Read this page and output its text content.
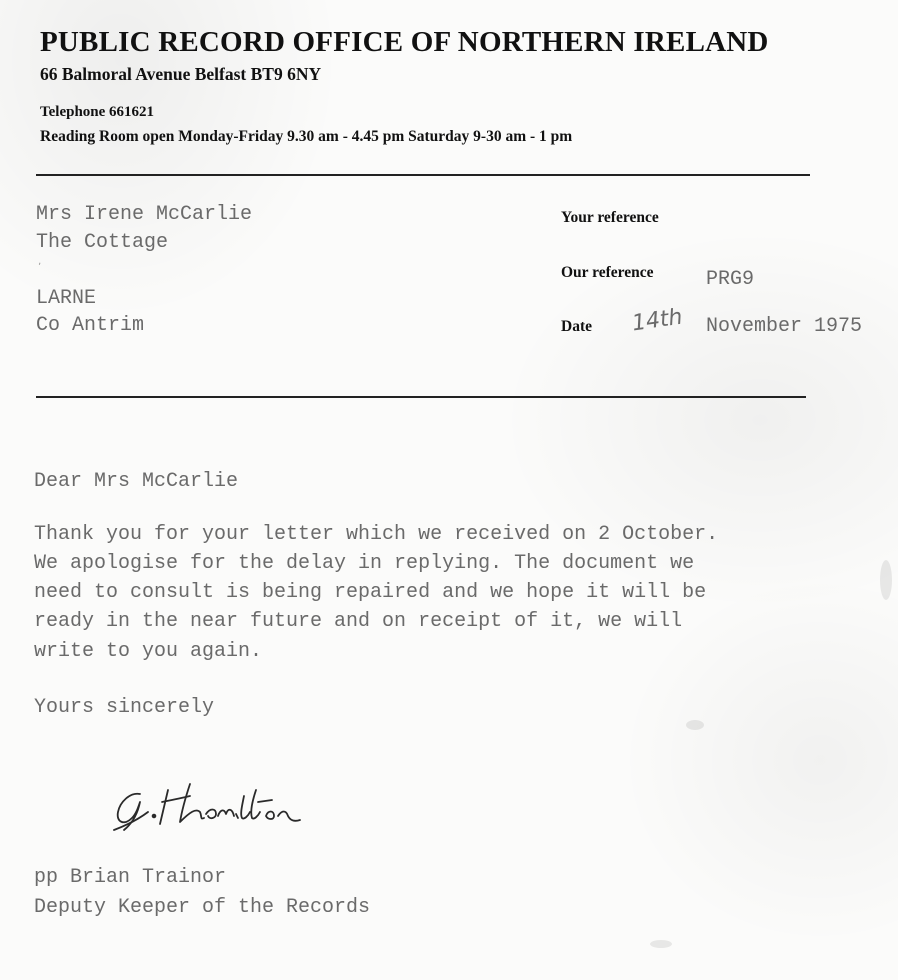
PUBLIC RECORD OFFICE OF NORTHERN IRELAND
66 Balmoral Avenue Belfast BT9 6NY
Telephone 661621
Reading Room open Monday-Friday 9.30 am - 4.45 pm Saturday 9-30 am - 1 pm
Mrs Irene McCarlie
The Cottage
ʼ
LARNE
Co Antrim
Your reference
Our reference	PRG9
Date 14th November 1975
Dear Mrs McCarlie
Thank you for your letter which we received on 2 October.
We apologise for the delay in replying. The document we
need to consult is being repaired and we hope it will be
ready in the near future and on receipt of it, we will
write to you again.
Yours sincerely
pp Brian Trainor
Deputy Keeper of the Records
